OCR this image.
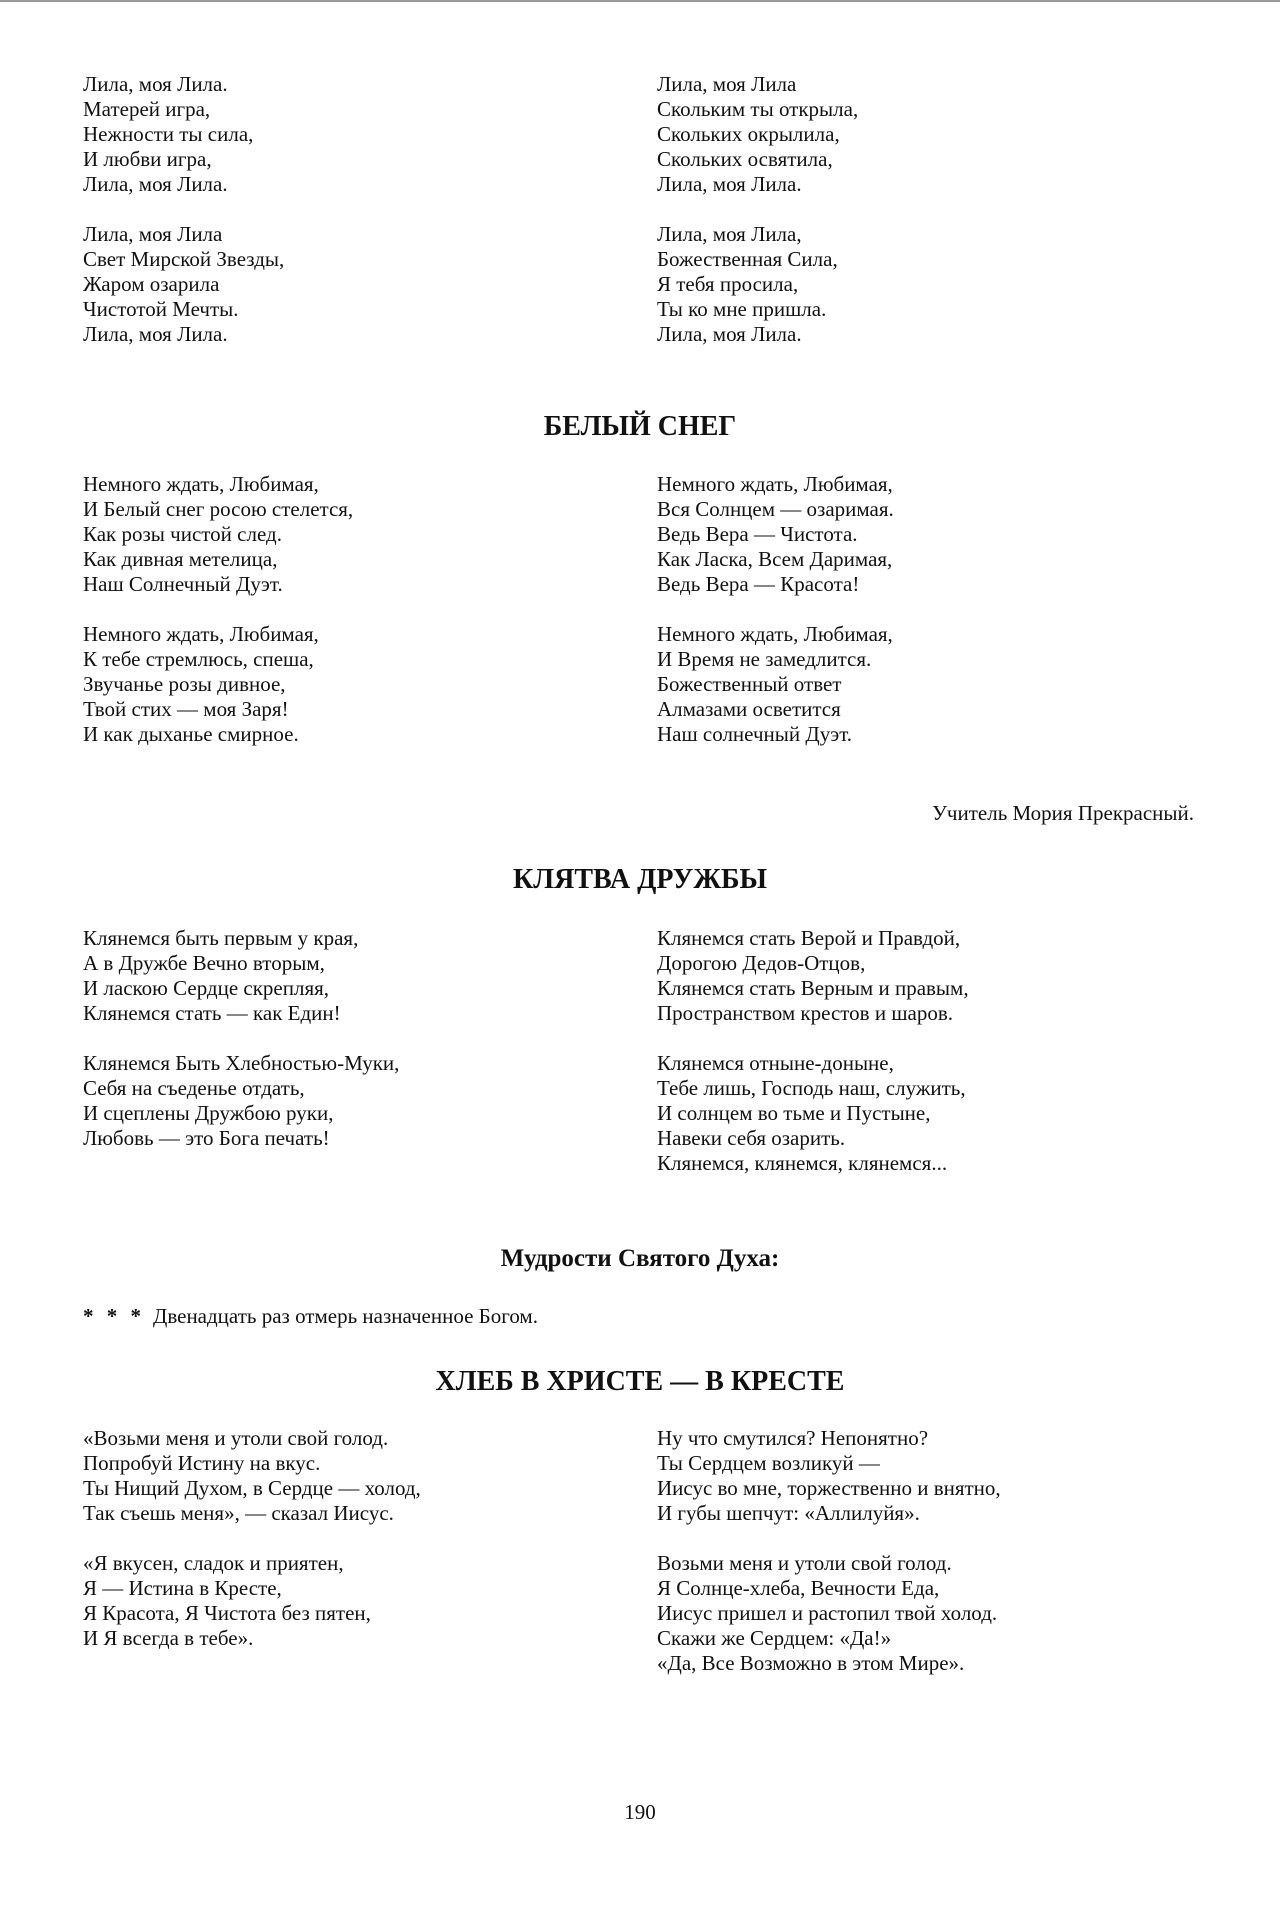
Лила, моя Лила.
Матерей игра,
Нежности ты сила,
И любви игра,
Лила, моя Лила.
Лила, моя Лила
Свет Мирской Звезды,
Жаром озарила
Чистотой Мечты.
Лила, моя Лила.
Лила, моя Лила
Скольким ты открыла,
Скольких окрылила,
Скольких освятила,
Лила, моя Лила.
Лила, моя Лила,
Божественная Сила,
Я тебя просила,
Ты ко мне пришла.
Лила, моя Лила.
БЕЛЫЙ СНЕГ
Немного ждать, Любимая,
И Белый снег росою стелется,
Как розы чистой след.
Как дивная метелица,
Наш Солнечный Дуэт.
Немного ждать, Любимая,
К тебе стремлюсь, спеша,
Звучанье розы дивное,
Твой стих — моя Заря!
И как дыханье смирное.
Немного ждать, Любимая,
Вся Солнцем — озаримая.
Ведь Вера — Чистота.
Как Ласка, Всем Даримая,
Ведь Вера — Красота!
Немного ждать, Любимая,
И Время не замедлится.
Божественный ответ
Алмазами осветится
Наш солнечный Дуэт.
Учитель Мория Прекрасный.
КЛЯТВА ДРУЖБЫ
Клянемся быть первым у края,
А в Дружбе Вечно вторым,
И ласкою Сердце скрепляя,
Клянемся стать — как Един!
Клянемся Быть Хлебностью-Муки,
Себя на съеденье отдать,
И сцеплены Дружбою руки,
Любовь — это Бога печать!
Клянемся стать Верой и Правдой,
Дорогою Дедов-Отцов,
Клянемся стать Верным и правым,
Пространством крестов и шаров.
Клянемся отныне-доныне,
Тебе лишь, Господь наш, служить,
И солнцем во тьме и Пустыне,
Навеки себя озарить.
Клянемся, клянемся, клянемся...
Мудрости Святого Духа:
* * * Двенадцать раз отмерь назначенное Богом.
ХЛЕБ В ХРИСТЕ — В КРЕСТЕ
«Возьми меня и утоли свой голод.
Попробуй Истину на вкус.
Ты Нищий Духом, в Сердце — холод,
Так съешь меня», — сказал Иисус.
«Я вкусен, сладок и приятен,
Я — Истина в Кресте,
Я Красота, Я Чистота без пятен,
И Я всегда в тебе».
Ну что смутился? Непонятно?
Ты Сердцем возликуй —
Иисус во мне, торжественно и внятно,
И губы шепчут: «Аллилуйя».
Возьми меня и утоли свой голод.
Я Солнце-хлеба, Вечности Еда,
Иисус пришел и растопил твой холод.
Скажи же Сердцем: «Да!»
«Да, Все Возможно в этом Мире».
190
